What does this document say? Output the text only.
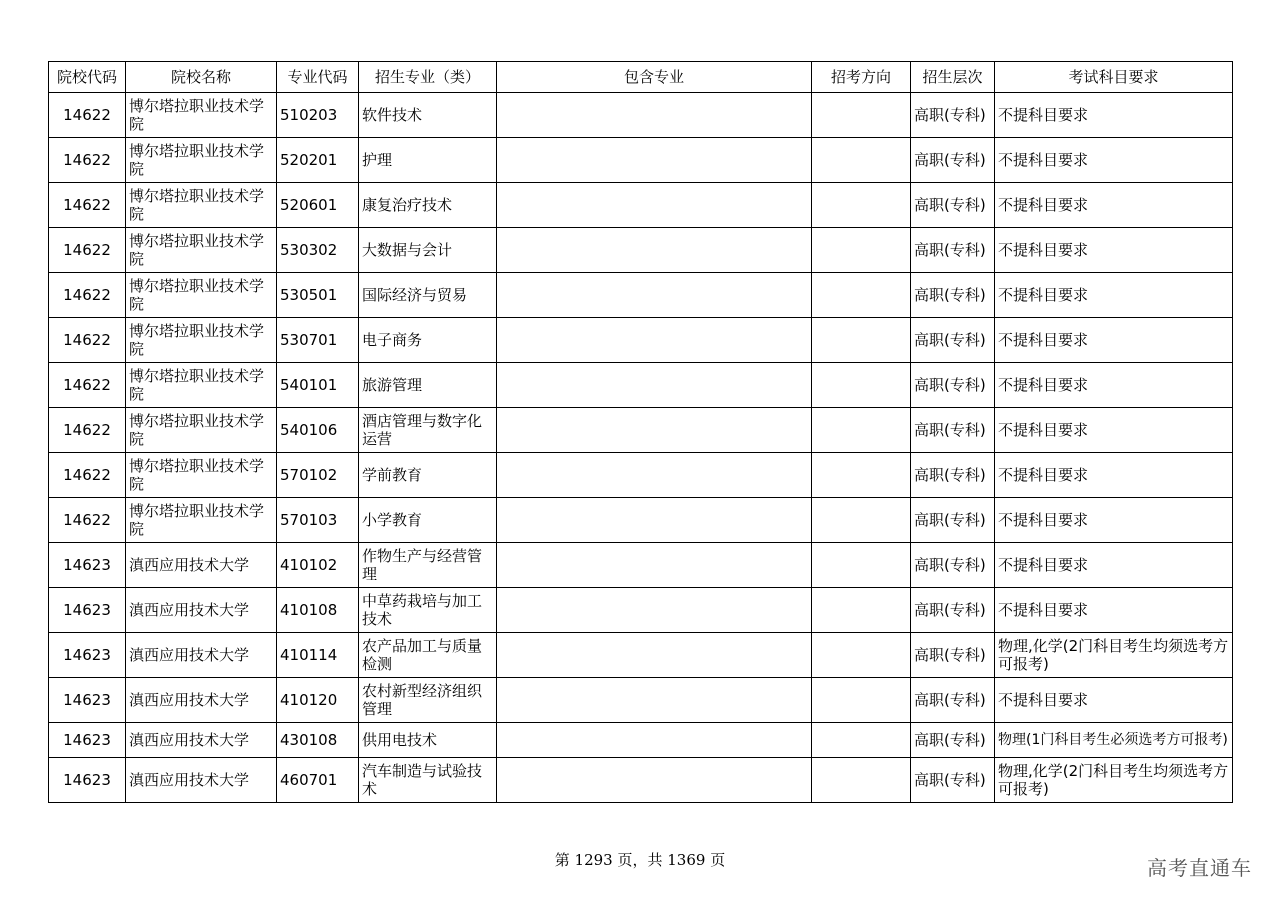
院校代码	院校名称	专业代码	招生专业（类）	包含专业	招考方向	招生层次	考试科目要求
14622	博尔塔拉职业技术学院	510203	软件技术			高职(专科)	不提科目要求
14622	博尔塔拉职业技术学院	520201	护理			高职(专科)	不提科目要求
14622	博尔塔拉职业技术学院	520601	康复治疗技术			高职(专科)	不提科目要求
14622	博尔塔拉职业技术学院	530302	大数据与会计			高职(专科)	不提科目要求
14622	博尔塔拉职业技术学院	530501	国际经济与贸易			高职(专科)	不提科目要求
14622	博尔塔拉职业技术学院	530701	电子商务			高职(专科)	不提科目要求
14622	博尔塔拉职业技术学院	540101	旅游管理			高职(专科)	不提科目要求
14622	博尔塔拉职业技术学院	540106	酒店管理与数字化运营			高职(专科)	不提科目要求
14622	博尔塔拉职业技术学院	570102	学前教育			高职(专科)	不提科目要求
14622	博尔塔拉职业技术学院	570103	小学教育			高职(专科)	不提科目要求
14623	滇西应用技术大学	410102	作物生产与经营管理			高职(专科)	不提科目要求
14623	滇西应用技术大学	410108	中草药栽培与加工技术			高职(专科)	不提科目要求
14623	滇西应用技术大学	410114	农产品加工与质量检测			高职(专科)	物理,化学(2门科目考生均须选考方可报考)
14623	滇西应用技术大学	410120	农村新型经济组织管理			高职(专科)	不提科目要求
14623	滇西应用技术大学	430108	供用电技术			高职(专科)	物理(1门科目考生必须选考方可报考)
14623	滇西应用技术大学	460701	汽车制造与试验技术			高职(专科)	物理,化学(2门科目考生均须选考方可报考)
第 1293 页，共 1369 页	高考直通车
